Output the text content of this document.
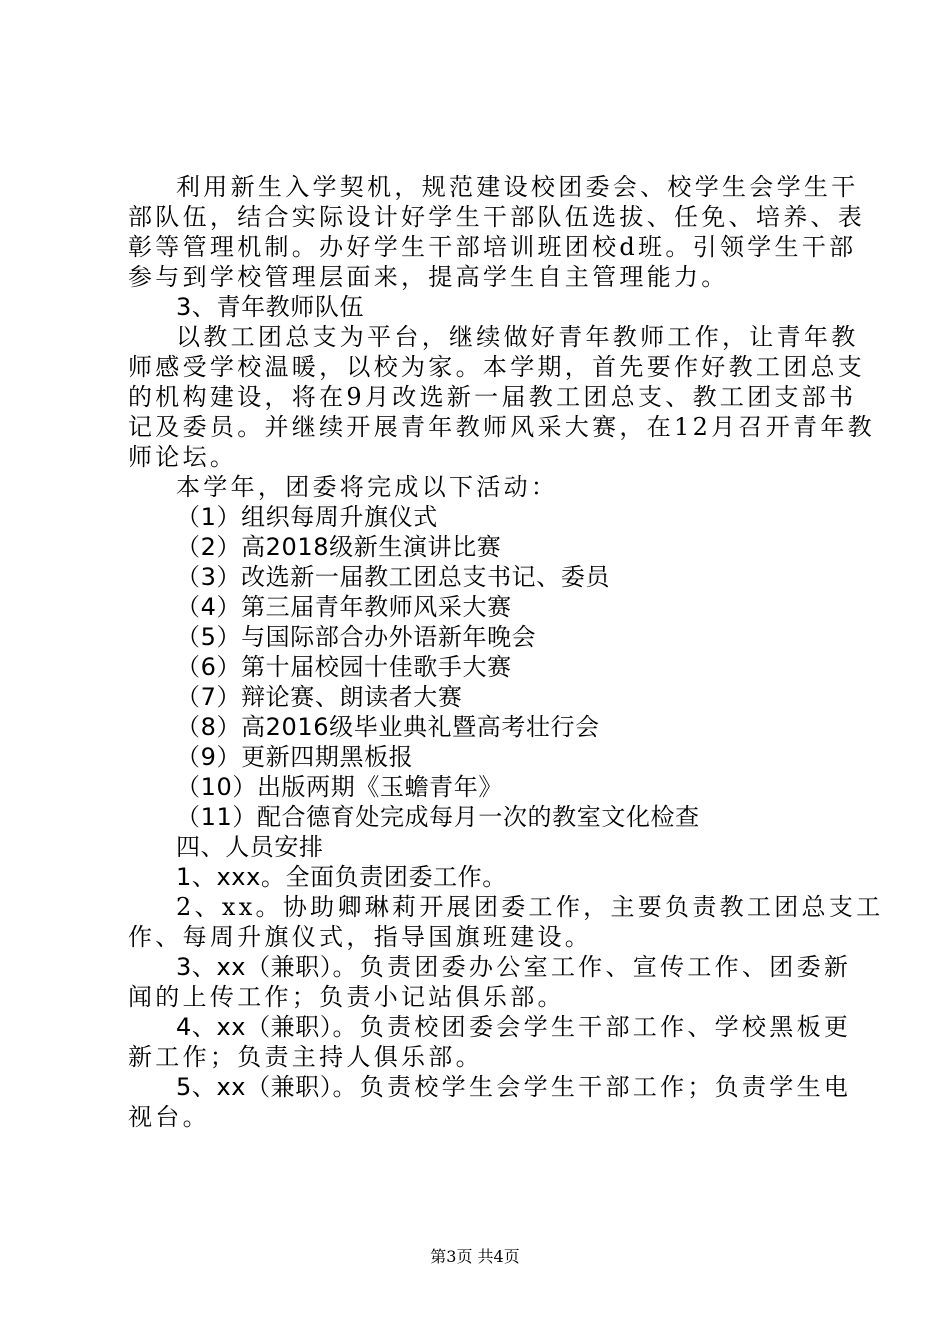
利用新生入学契机，规范建设校团委会、校学生会学生干
部队伍，结合实际设计好学生干部队伍选拔、任免、培养、表
彰等管理机制。办好学生干部培训班团校d班。引领学生干部
参与到学校管理层面来，提高学生自主管理能力。
3、青年教师队伍
以教工团总支为平台，继续做好青年教师工作，让青年教
师感受学校温暖，以校为家。本学期，首先要作好教工团总支
的机构建设，将在9月改选新一届教工团总支、教工团支部书
记及委员。并继续开展青年教师风采大赛，在12月召开青年教
师论坛。
本学年，团委将完成以下活动：
（1）组织每周升旗仪式
（2）高2018级新生演讲比赛
（3）改选新一届教工团总支书记、委员
（4）第三届青年教师风采大赛
（5）与国际部合办外语新年晚会
（6）第十届校园十佳歌手大赛
（7）辩论赛、朗读者大赛
（8）高2016级毕业典礼暨高考壮行会
（9）更新四期黑板报
（10）出版两期《玉蟾青年》
（11）配合德育处完成每月一次的教室文化检查
四、人员安排
1、xxx。全面负责团委工作。
2、xx。协助卿琳莉开展团委工作，主要负责教工团总支工
作、每周升旗仪式，指导国旗班建设。
3、xx（兼职）。负责团委办公室工作、宣传工作、团委新
闻的上传工作；负责小记站俱乐部。
4、xx（兼职）。负责校团委会学生干部工作、学校黑板更
新工作；负责主持人俱乐部。
5、xx（兼职）。负责校学生会学生干部工作；负责学生电
视台。
第3页 共4页
